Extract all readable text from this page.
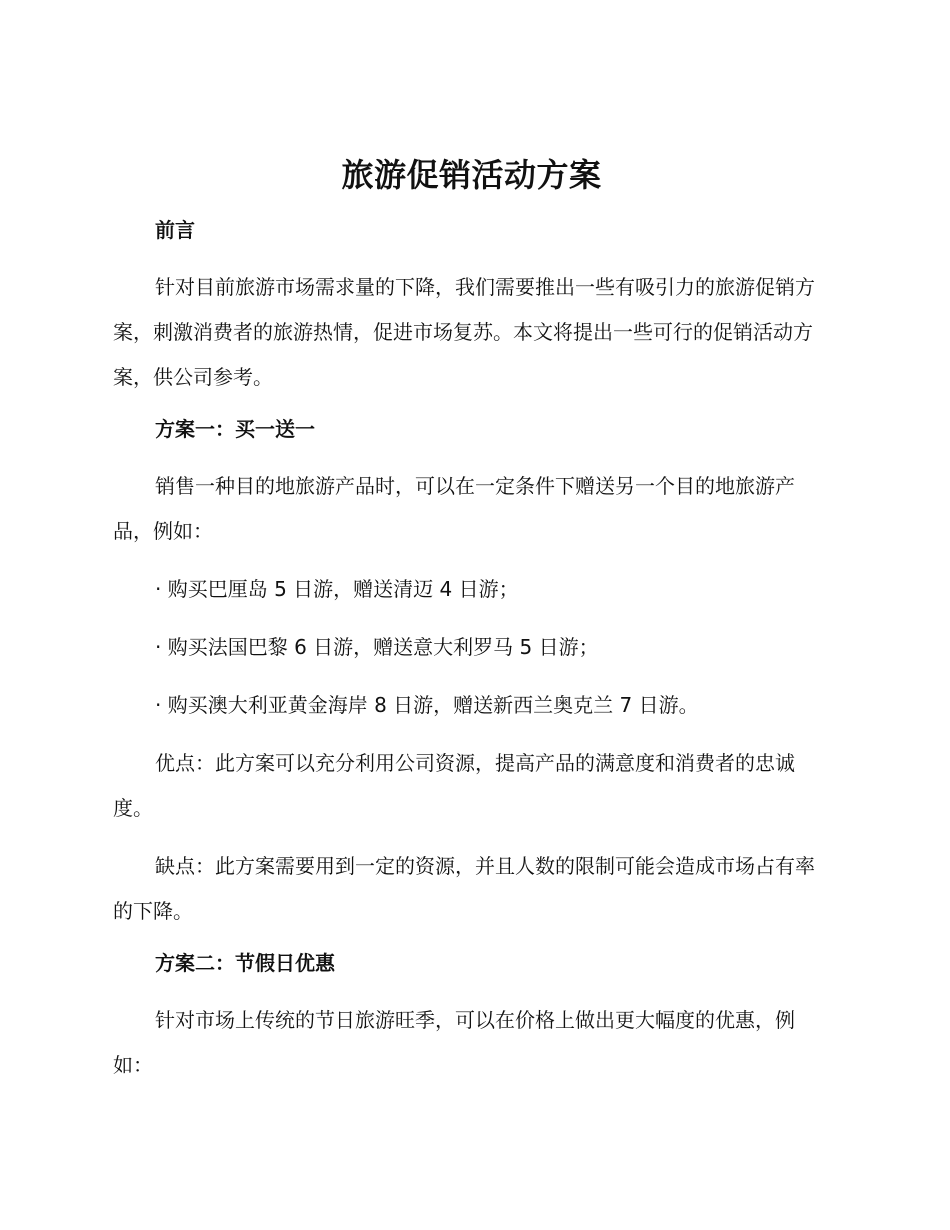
旅游促销活动方案

前言

针对目前旅游市场需求量的下降，我们需要推出一些有吸引力的旅游促销方案，刺激消费者的旅游热情，促进市场复苏。本文将提出一些可行的促销活动方案，供公司参考。

方案一：买一送一

销售一种目的地旅游产品时，可以在一定条件下赠送另一个目的地旅游产品，例如：

· 购买巴厘岛 5 日游，赠送清迈 4 日游；

· 购买法国巴黎 6 日游，赠送意大利罗马 5 日游；

· 购买澳大利亚黄金海岸 8 日游，赠送新西兰奥克兰 7 日游。

优点：此方案可以充分利用公司资源，提高产品的满意度和消费者的忠诚度。

缺点：此方案需要用到一定的资源，并且人数的限制可能会造成市场占有率的下降。

方案二：节假日优惠

针对市场上传统的节日旅游旺季，可以在价格上做出更大幅度的优惠，例如：
